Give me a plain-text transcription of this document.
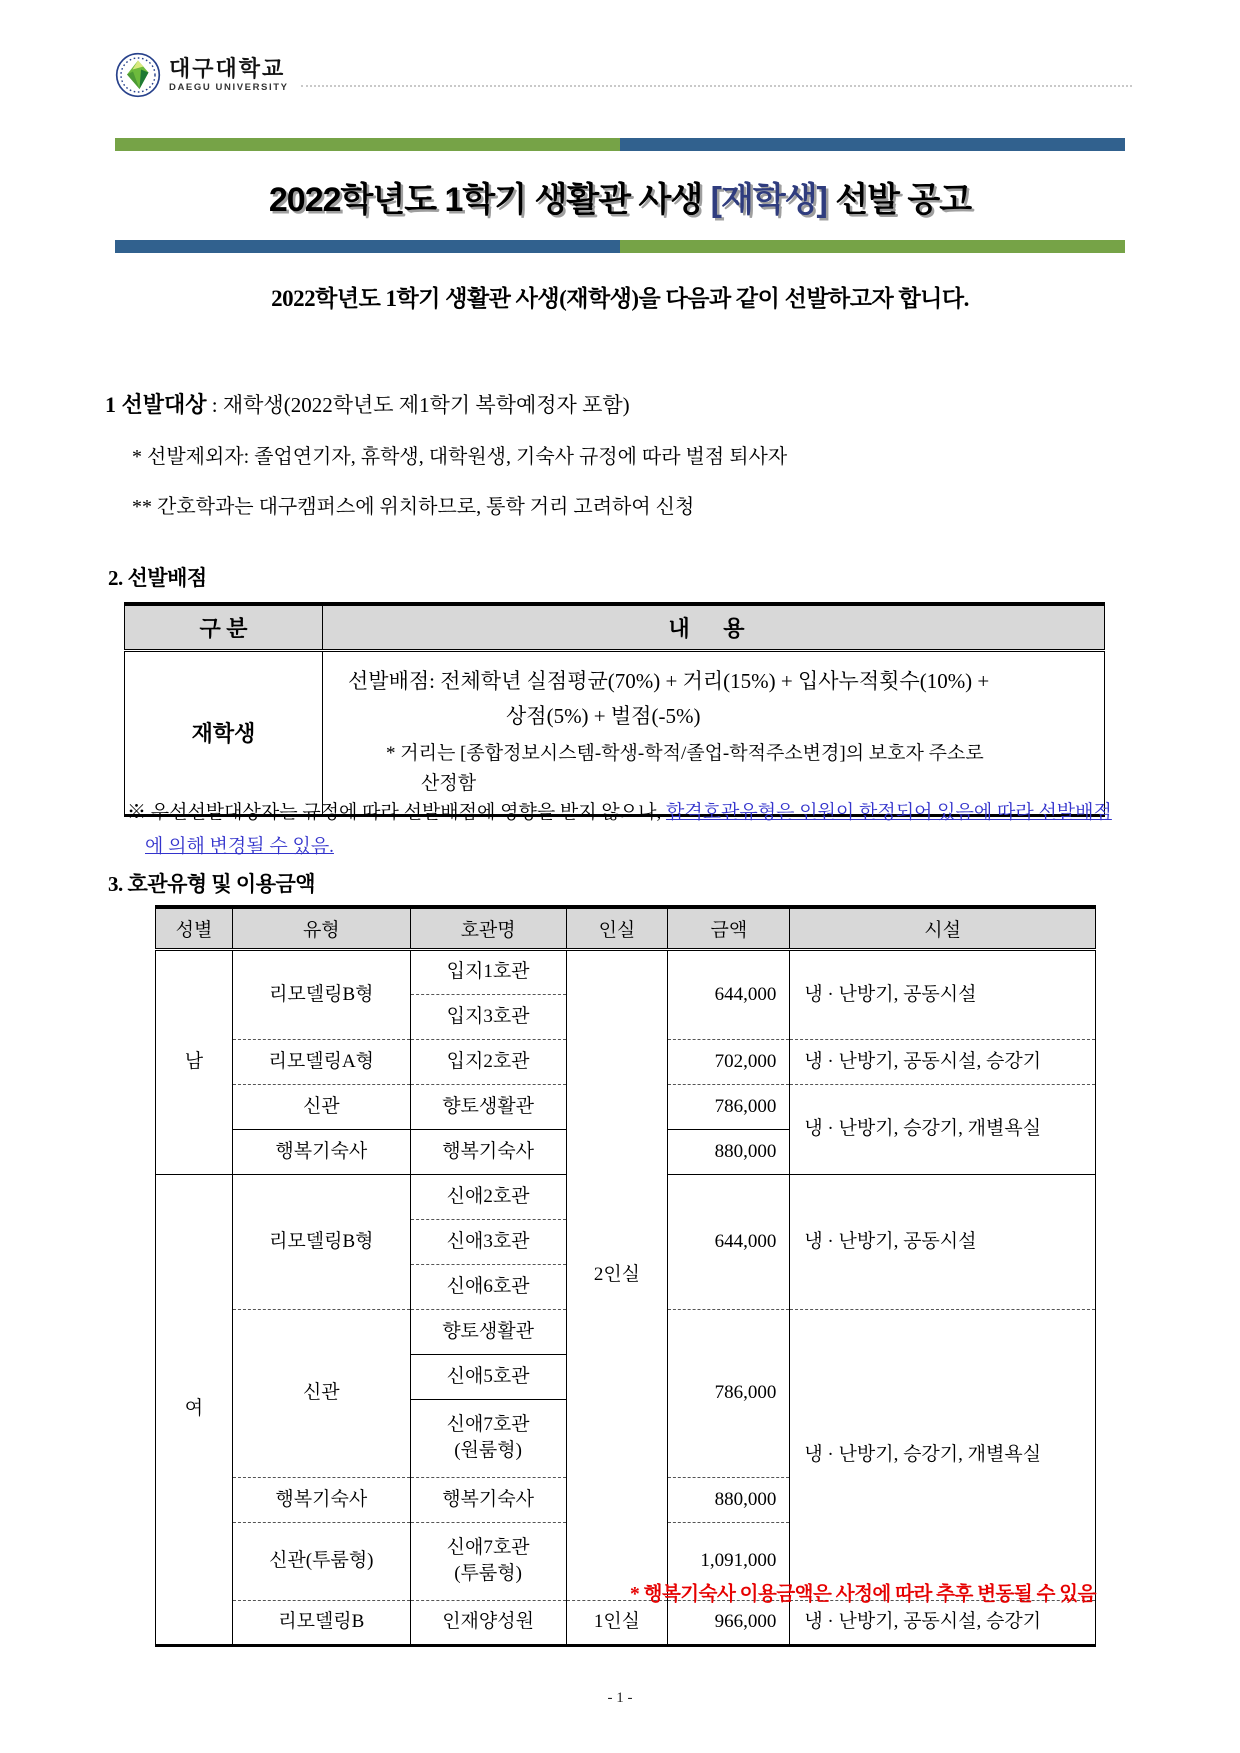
대구대학교
DAEGU UNIVERSITY
2022학년도 1학기 생활관 사생 [재학생] 선발 공고
2022학년도 1학기 생활관 사생(재학생)을 다음과 같이 선발하고자 합니다.
1 선발대상 : 재학생(2022학년도 제1학기 복학예정자 포함)
* 선발제외자: 졸업연기자, 휴학생, 대학원생, 기숙사 규정에 따라 벌점 퇴사자
** 간호학과는 대구캠퍼스에 위치하므로, 통학 거리 고려하여 신청
2. 선발배점
구 분	내 용
재학생	선발배점: 전체학년 실점평균(70%) + 거리(15%) + 입사누적횟수(10%) +
상점(5%) + 벌점(-5%)
* 거리는 [종합정보시스템-학생-학적/졸업-학적주소변경]의 보호자 주소로
산정함
※ 우선선발대상자는 규정에 따라 선발배점에 영향을 받지 않으나, 합격호관유형은 인원이 한정되어 있음에 따라 선발배점
에 의해 변경될 수 있음.
3. 호관유형 및 이용금액
성별	유형	호관명	인실	금액	시설
남	리모델링B형	입지1호관	2인실	644,000	냉 · 난방기, 공동시설
		입지3호관			
	리모델링A형	입지2호관		702,000	냉 · 난방기, 공동시설, 승강기
	신관	향토생활관		786,000	냉 · 난방기, 승강기, 개별욕실
	행복기숙사	행복기숙사		880,000	
여	리모델링B형	신애2호관		644,000	냉 · 난방기, 공동시설
		신애3호관			
		신애6호관			
	신관	향토생활관		786,000	냉 · 난방기, 승강기, 개별욕실
		신애5호관			
		신애7호관
(원룸형)			
	행복기숙사	행복기숙사		880,000	
	신관(투룸형)	신애7호관
(투룸형)		1,091,000	
	리모델링B	인재양성원	1인실	966,000	냉 · 난방기, 공동시설, 승강기
* 행복기숙사 이용금액은 사정에 따라 추후 변동될 수 있음
- 1 -
